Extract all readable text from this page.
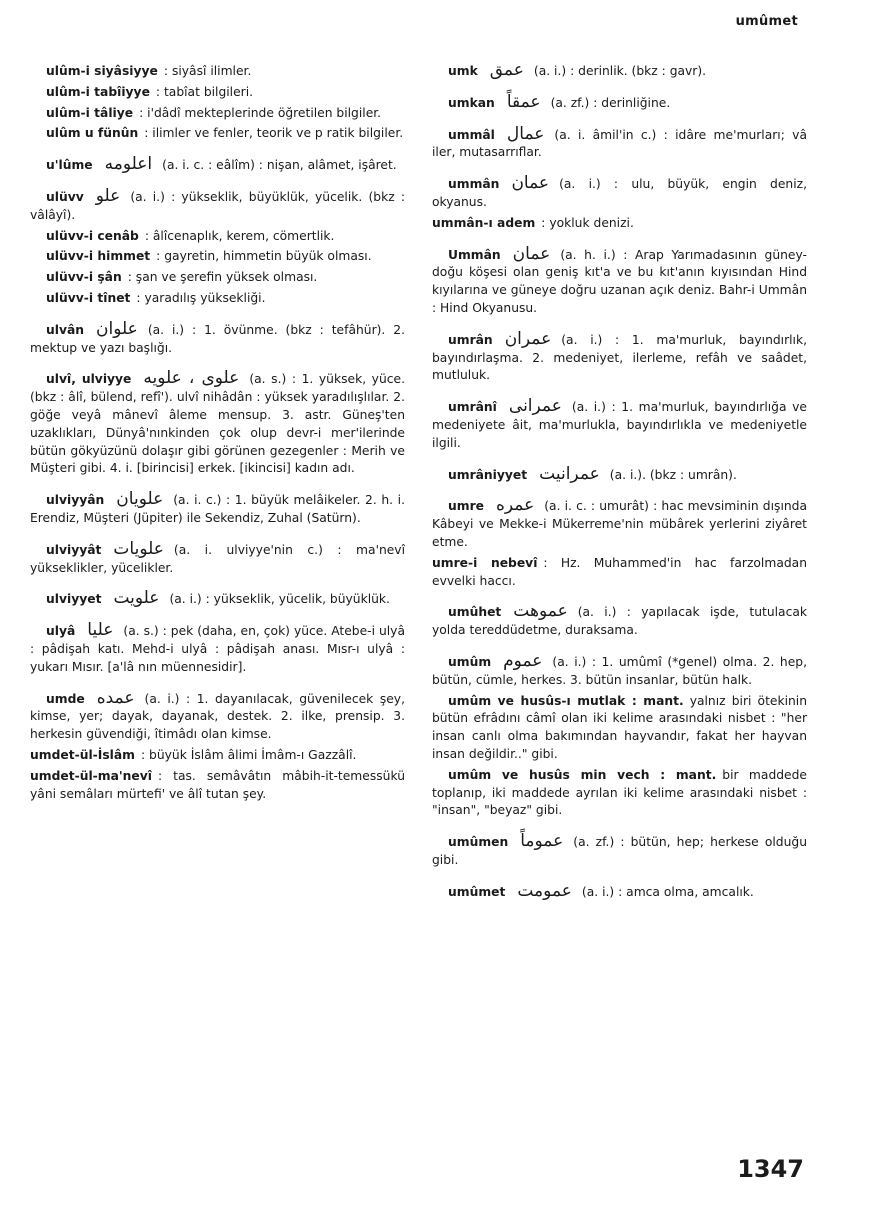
umûmet

ulûm-i siyâsiyye : siyâsî ilimler.

ulûm-i tabîiyye : tabîat bilgileri.

ulûm-i tâliye : i'dâdî mekteplerinde öğretilen bilgiler.

ulûm u fünûn : ilimler ve fenler, teorik ve p ratik bilgiler.

u'lûme اعلومه (a. i. c. : eâlîm) : nişan, alâmet, işâret.

ulüvv علو (a. i.) : yükseklik, büyüklük, yücelik. (bkz : vâlâyî).

ulüvv-i cenâb : âlîcenaplık, kerem, cömertlik.

ulüvv-i himmet : gayretin, himmetin büyük olması.

ulüvv-i şân : şan ve şerefin yüksek olması.

ulüvv-i tînet : yaradılış yüksekliği.

ulvân علوان (a. i.) : 1. övünme. (bkz : tefâhür). 2. mektup ve yazı başlığı.

ulvî, ulviyye علوى ، علويه (a. s.) : 1. yüksek, yüce. (bkz : âlî, bülend, refî'). ulvî nihâdân : yüksek yaradılışlılar. 2. göğe veyâ mânevî âleme mensup. 3. astr. Güneş'ten uzaklıkları, Dünyâ'nınkinden çok olup devr-i mer'ilerinde bütün gökyüzünü dolaşır gibi görünen gezegenler : Merih ve Müşteri gibi. 4. i. [birincisi] erkek. [ikincisi] kadın adı.

ulviyyân علويان (a. i. c.) : 1. büyük melâikeler. 2. h. i. Erendiz, Müşteri (Jüpiter) ile Sekendiz, Zuhal (Satürn).

ulviyyât علويات (a. i. ulviyye'nin c.) : ma'nevî yükseklikler, yücelikler.

ulviyyet علويت (a. i.) : yükseklik, yücelik, büyüklük.

ulyâ عليا (a. s.) : pek (daha, en, çok) yüce. Atebe-i ulyâ : pâdişah katı. Mehd-i ulyâ : pâdişah anası. Mısr-ı ulyâ : yukarı Mısır. [a'lâ nın müennesidir].

umde عمده (a. i.) : 1. dayanılacak, güvenilecek şey, kimse, yer; dayak, dayanak, destek. 2. ilke, prensip. 3. herkesin güvendiği, îtimâdı olan kimse.

umdet-ül-İslâm : büyük İslâm âlimi İmâm-ı Gazzâlî.

umdet-ül-ma'nevî : tas. semâvâtın mâbih-it-temessükü yâni semâları mürtefi' ve âlî tutan şey.

umk عمق (a. i.) : derinlik. (bkz : gavr).

umkan عمقاً (a. zf.) : derinliğine.

ummâl عمال (a. i. âmil'in c.) : idâre me'murları; vâ iler, mutasarrıflar.

ummân عمان (a. i.) : ulu, büyük, engin deniz, okyanus.

ummân-ı adem : yokluk denizi.

Ummân عمان (a. h. i.) : Arap Yarımadasının güney-doğu köşesi olan geniş kıt'a ve bu kıt'anın kıyısından Hind kıyılarına ve güneye doğru uzanan açık deniz. Bahr-i Ummân : Hind Okyanusu.

umrân عمران (a. i.) : 1. ma'murluk, bayındırlık, bayındırlaşma. 2. medeniyet, ilerleme, refâh ve saâdet, mutluluk.

umrânî عمرانى (a. i.) : 1. ma'murluk, bayındırlığa ve medeniyete âit, ma'murlukla, bayındırlıkla ve medeniyetle ilgili.

umrâniyyet عمرانيت (a. i.). (bkz : umrân).

umre عمره (a. i. c. : umurât) : hac mevsiminin dışında Kâbeyi ve Mekke-i Mükerreme'nin mübârek yerlerini ziyâret etme.

umre-i nebevî : Hz. Muhammed'in hac farzolmadan evvelki haccı.

umûhet عموهت (a. i.) : yapılacak işde, tutulacak yolda tereddüdetme, duraksama.

umûm عموم (a. i.) : 1. umûmî (*genel) olma. 2. hep, bütün, cümle, herkes. 3. bütün insanlar, bütün halk.

umûm ve husûs-ı mutlak : mant. yalnız biri ötekinin bütün efrâdını câmî olan iki kelime arasındaki nisbet : "her insan canlı olma bakımından hayvandır, fakat her hayvan insan değildir.." gibi.

umûm ve husûs min vech : mant. bir maddede toplanıp, iki maddede ayrılan iki kelime arasındaki nisbet : "insan", "beyaz" gibi.

umûmen عموماً (a. zf.) : bütün, hep; herkese olduğu gibi.

umûmet عمومت (a. i.) : amca olma, amcalık.

1347
